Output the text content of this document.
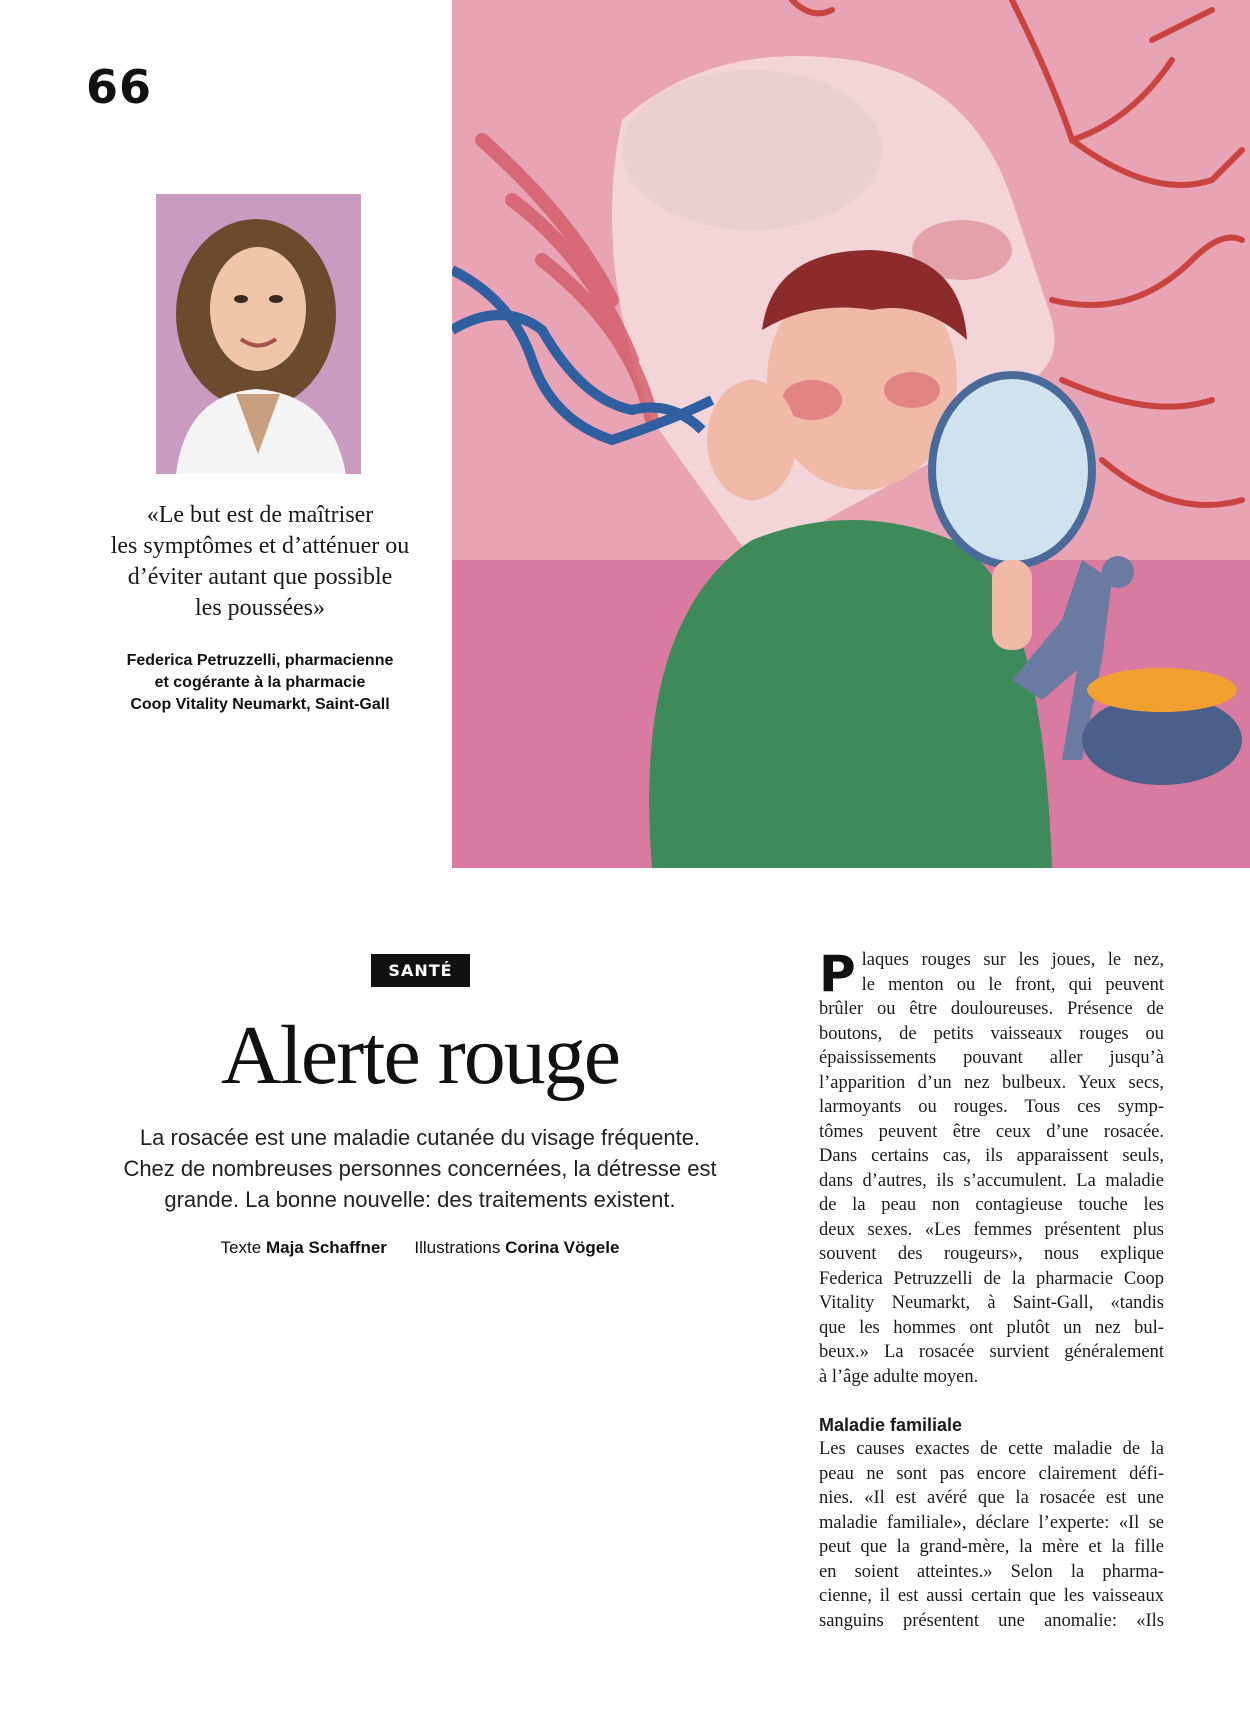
66
«Le but est de maîtriser
les symptômes et d’atténuer ou
d’éviter autant que possible
les poussées»
Federica Petruzzelli, pharmacienne
et cogérante à la pharmacie
Coop Vitality Neumarkt, Saint-Gall
SANTÉ
Alerte rouge
La rosacée est une maladie cutanée du visage fréquente.
Chez de nombreuses personnes concernées, la détresse est
grande. La bonne nouvelle: des traitements existent.
Texte Maja Schaffner Illustrations Corina Vögele
P laques rouges sur les joues, le nez,
le menton ou le front, qui peuvent
brûler ou être douloureuses. Présence de
boutons, de petits vaisseaux rouges ou
épaississements pouvant aller jusqu’à
l’apparition d’un nez bulbeux. Yeux secs,
larmoyants ou rouges. Tous ces symp-
tômes peuvent être ceux d’une rosacée.
Dans certains cas, ils apparaissent seuls,
dans d’autres, ils s’accumulent. La maladie
de la peau non contagieuse touche les
deux sexes. «Les femmes présentent plus
souvent des rougeurs», nous explique
Federica Petruzzelli de la pharmacie Coop
Vitality Neumarkt, à Saint-Gall, «tandis
que les hommes ont plutôt un nez bul-
beux.» La rosacée survient généralement
à l’âge adulte moyen.
Maladie familiale
Les causes exactes de cette maladie de la
peau ne sont pas encore clairement défi-
nies. «Il est avéré que la rosacée est une
maladie familiale», déclare l’experte: «Il se
peut que la grand-mère, la mère et la fille
en soient atteintes.» Selon la pharma-
cienne, il est aussi certain que les vaisseaux
sanguins présentent une anomalie: «Ils
